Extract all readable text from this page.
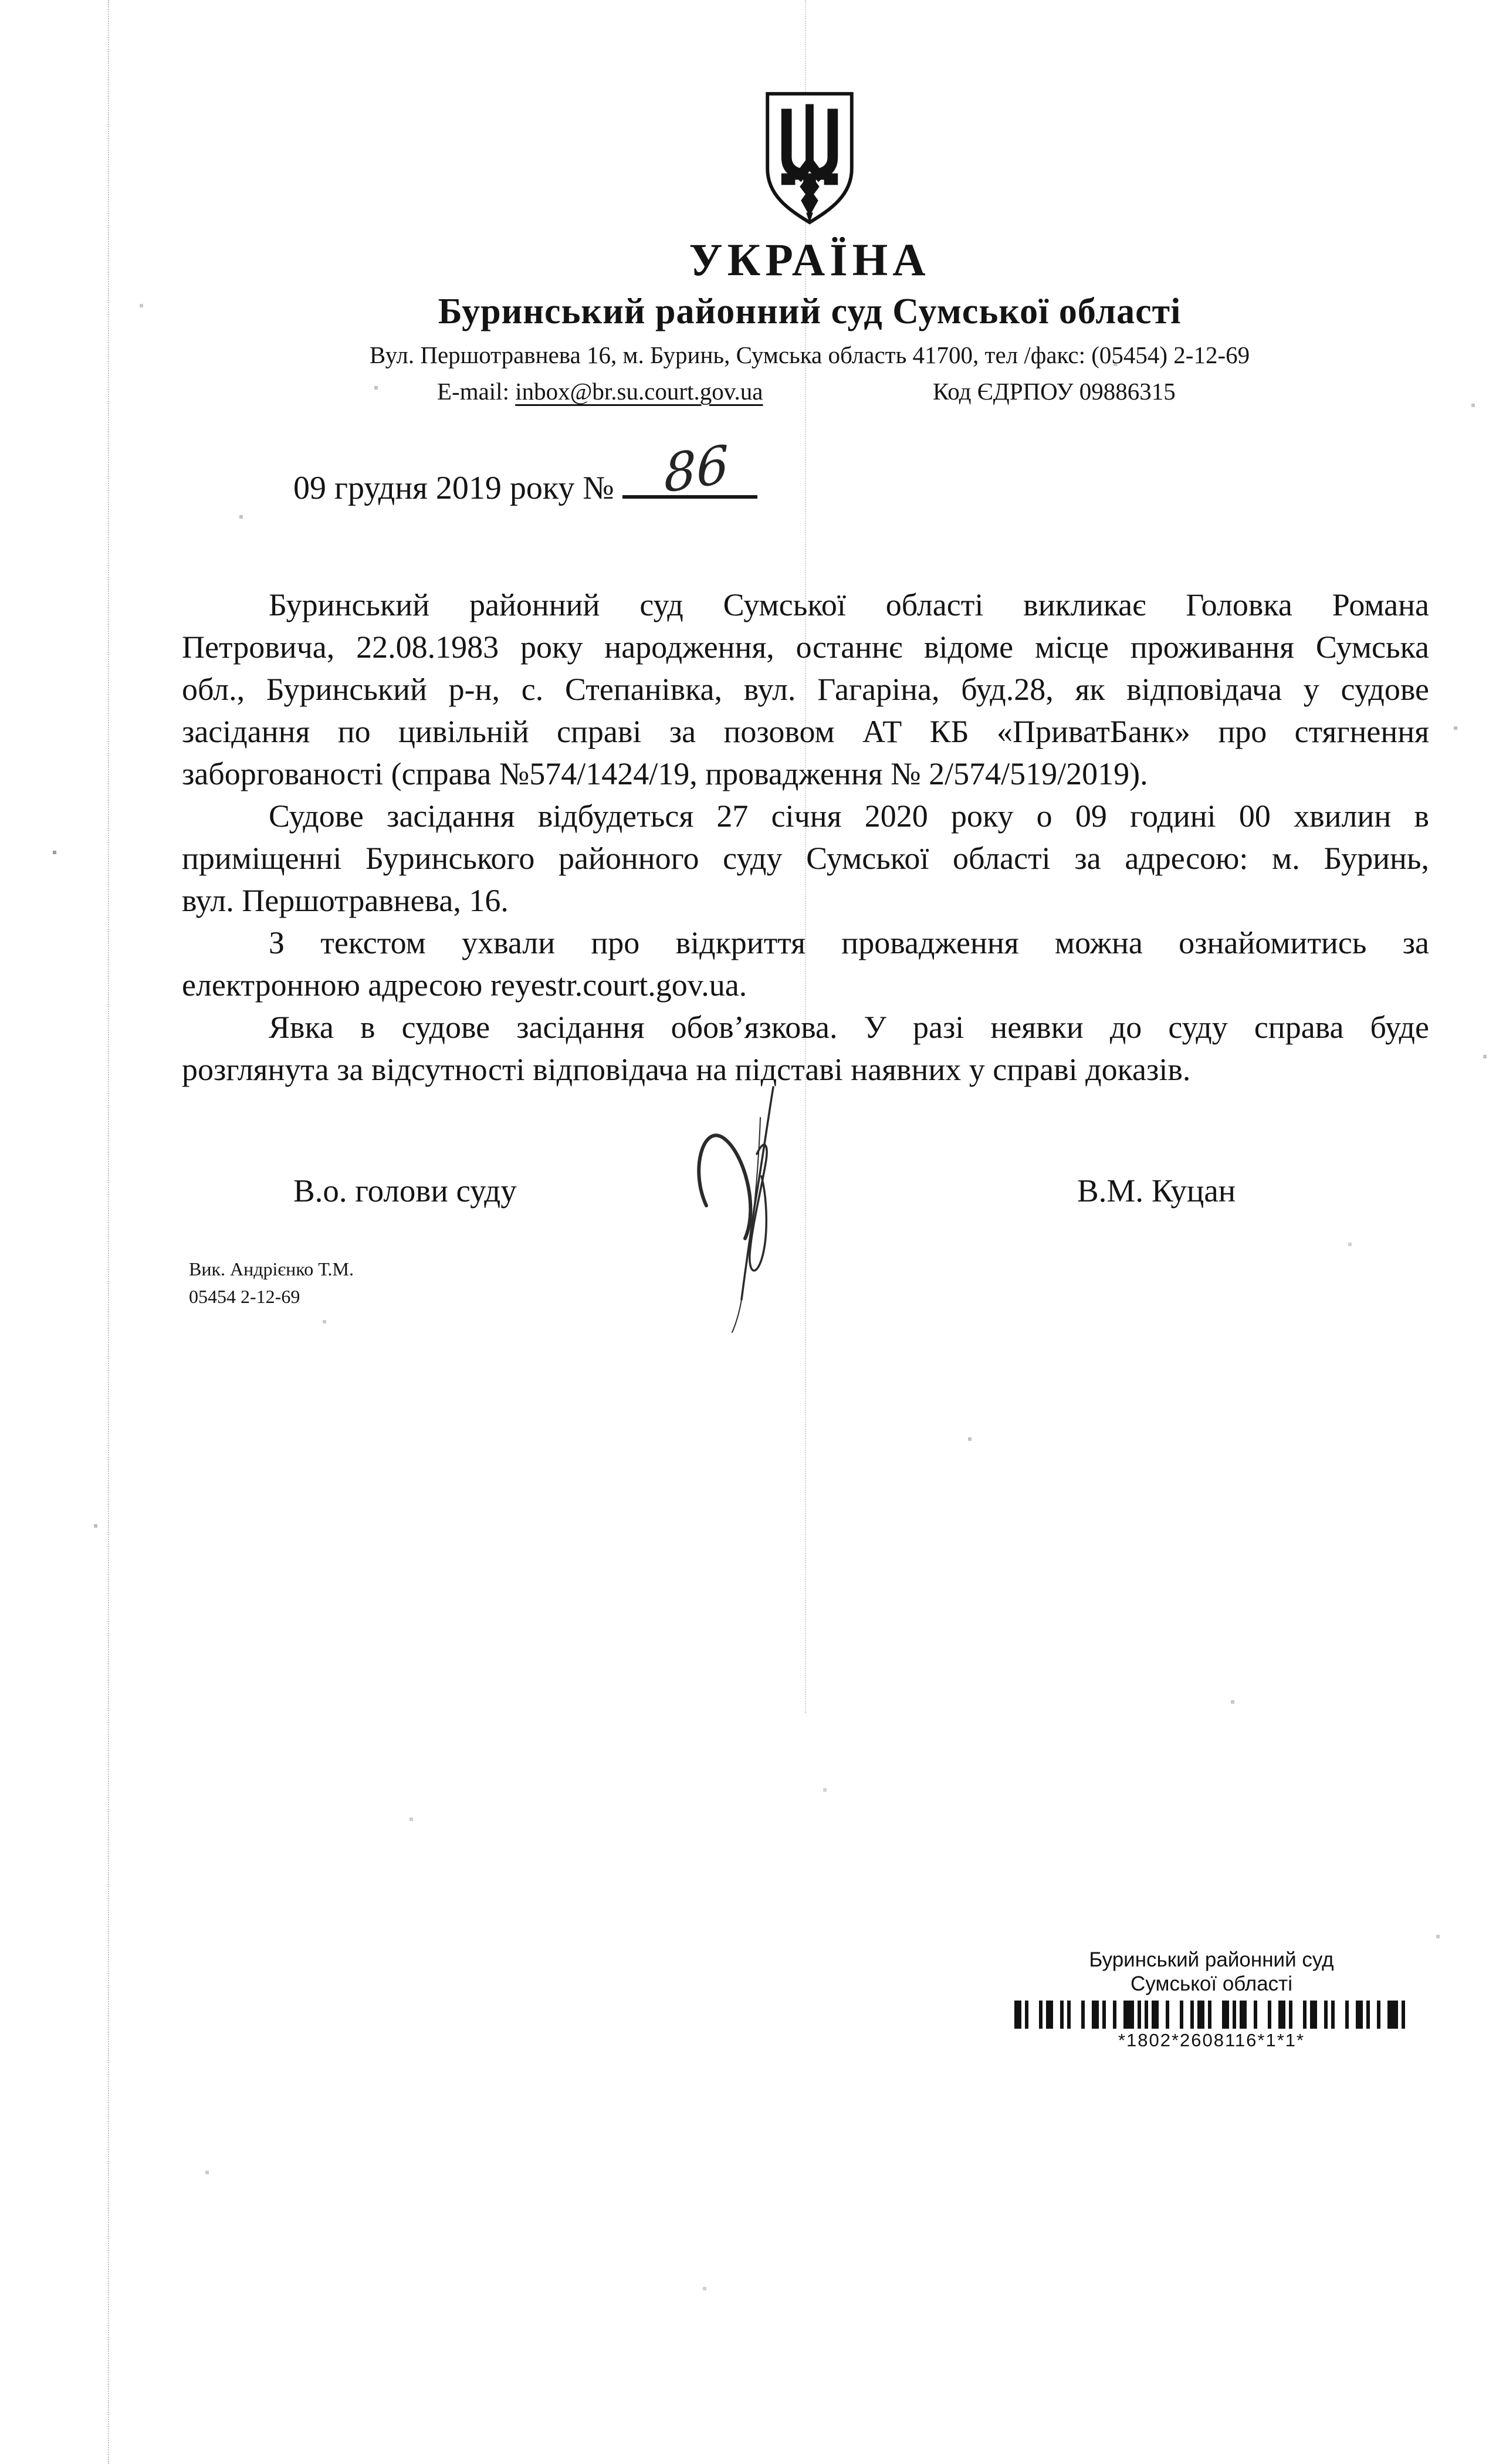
УКРАЇНА
Буринський районний суд Сумської області
Вул. Першотравнева 16, м. Буринь, Сумська область 41700, тел /факс: (05454) 2-12-69
E-mail: inbox@br.su.court.gov.ua	Код ЄДРПОУ 09886315
09 грудня 2019 року № 86
Буринський районний суд Сумської області викликає Головка Романа
Петровича, 22.08.1983 року народження, останнє відоме місце проживання Сумська
обл., Буринський р-н, с. Степанівка, вул. Гагаріна, буд.28, як відповідача у судове
засідання по цивільній справі за позовом АТ КБ «ПриватБанк» про стягнення
заборгованості (справа №574/1424/19, провадження № 2/574/519/2019).
Судове засідання відбудеться 27 січня 2020 року о 09 годині 00 хвилин в
приміщенні Буринського районного суду Сумської області за адресою: м. Буринь,
вул. Першотравнева, 16.
З текстом ухвали про відкриття провадження можна ознайомитись за
електронною адресою reyestr.court.gov.ua.
Явка в судове засідання обов’язкова. У разі неявки до суду справа буде
розглянута за відсутності відповідача на підставі наявних у справі доказів.
В.о. голови суду	В.М. Куцан
Вик. Андрієнко Т.М.
05454 2-12-69
Буринський районний суд
Сумської області
*1802*2608116*1*1*
